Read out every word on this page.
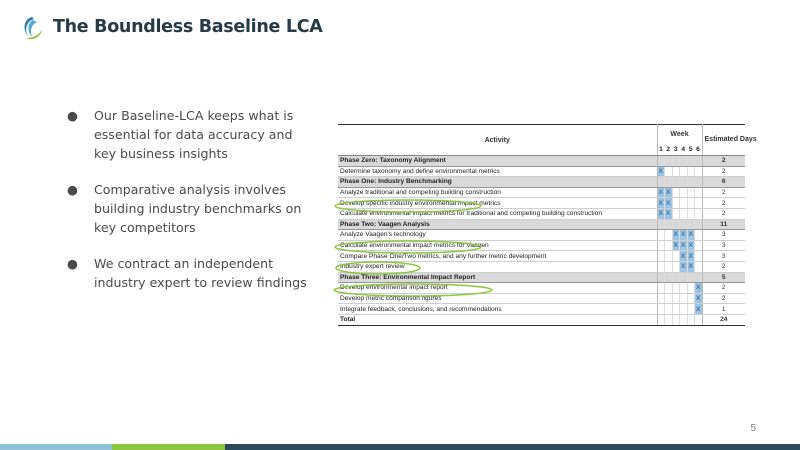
The Boundless Baseline LCA
● Our Baseline-LCA keeps what is essential for data accuracy and key business insights
● Comparative analysis involves building industry benchmarks on key competitors
● We contract an independent industry expert to review findings
Activity	Week						Estimated Days
	1	2	3	4	5	6	
Phase Zero: Taxonomy Alignment							2
Determine taxonomy and define environmental metrics	X						2
Phase One: Industry Benchmarking							6
Analyze traditional and competing building construction	X	X					2
Develop specific industry environmental impact metrics	X	X					2
Calculate environmental impact metrics for traditional and competing building construction	X	X					2
Phase Two: Vaagen Analysis							11
Analyze Vaagen's technology			X	X	X		3
Calculate environmental impact metrics for Vaagen			X	X	X		3
Compare Phase One/Two metrics, and any further metric development				X	X		3
Industry expert review				X	X		2
Phase Three: Environmental Impact Report							5
Develop environmental impact report						X	2
Develop metric comparison figures						X	2
Integrate feedback, conclusions, and recommendations						X	1
Total							24
5
